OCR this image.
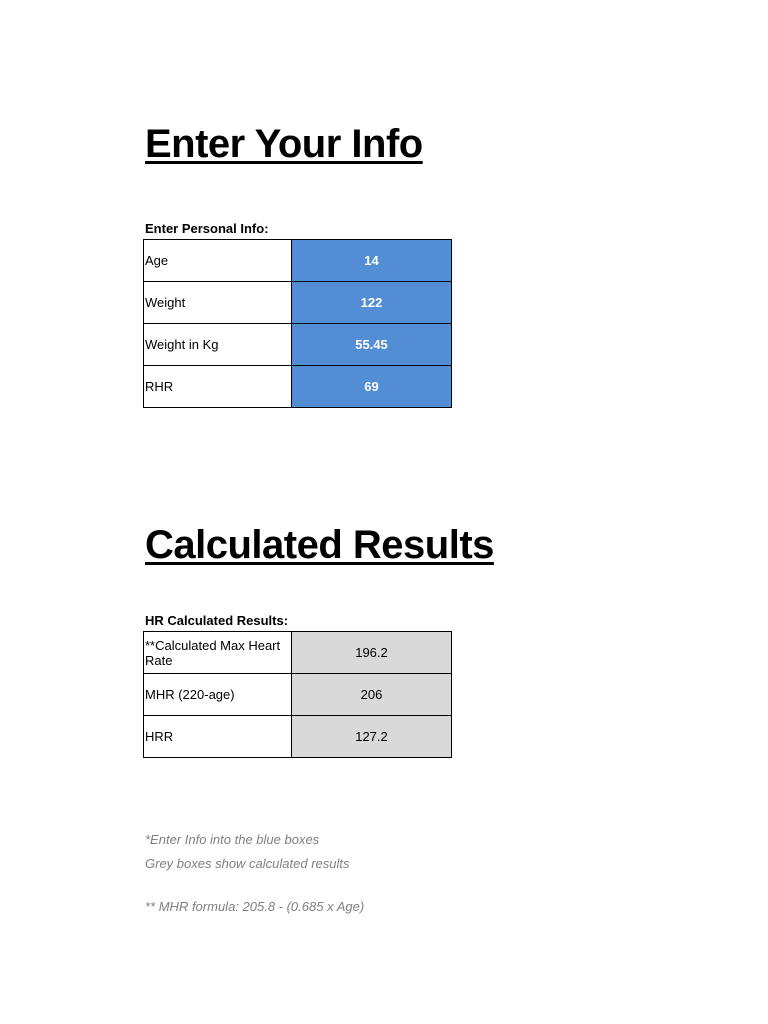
Enter Your Info
Enter Personal Info:
Age	14
Weight	122
Weight in Kg	55.45
RHR	69
Calculated Results
HR Calculated Results:
**Calculated Max Heart Rate	196.2
MHR (220-age)	206
HRR	127.2
*Enter Info into the blue boxes
Grey boxes show calculated results
** MHR formula: 205.8 - (0.685 x Age)
